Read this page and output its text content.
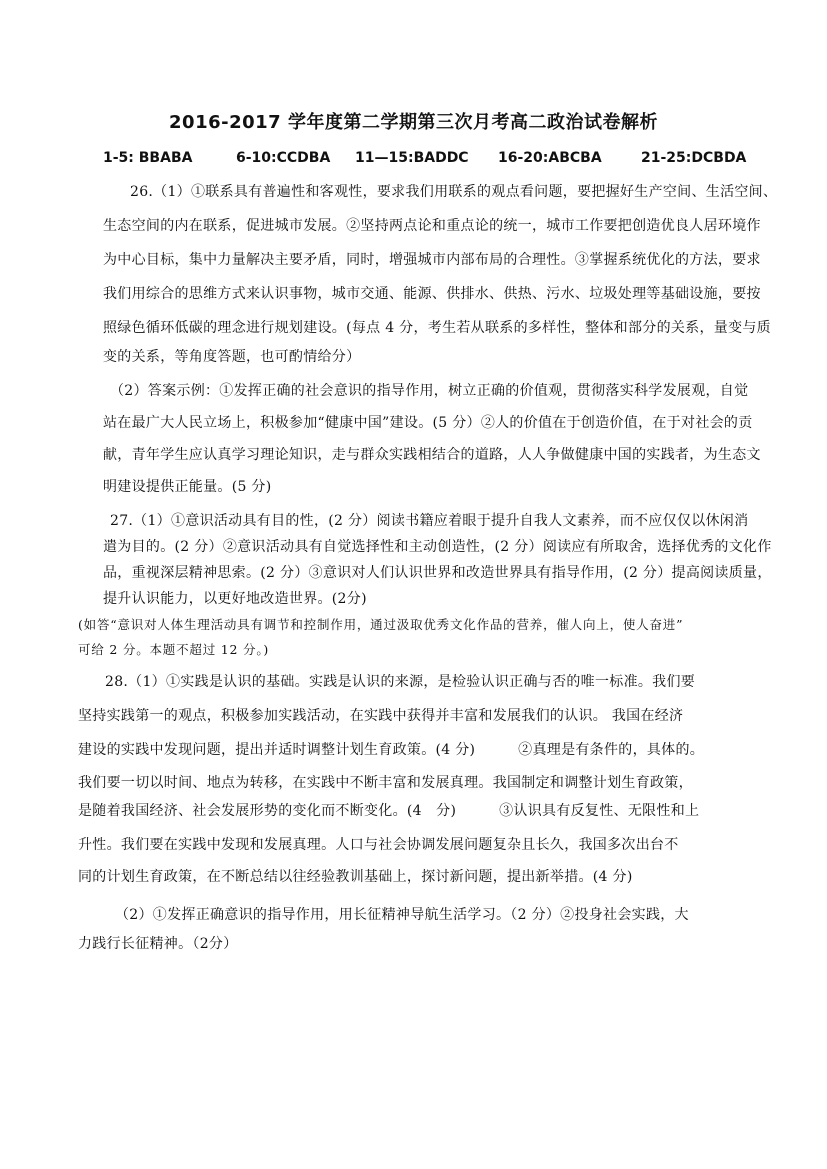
2016-2017 学年度第二学期第三次月考高二政治试卷解析
1-5: BBABA	6-10:CCDBA 11—15:BADDC 16-20:ABCBA	21-25:DCBDA
26.（1）①联系具有普遍性和客观性，要求我们用联系的观点看问题，要把握好生产空间、生活空间、
生态空间的内在联系，促进城市发展。②坚持两点论和重点论的统一，城市工作要把创造优良人居环境作
为中心目标，集中力量解决主要矛盾，同时，增强城市内部布局的合理性。③掌握系统优化的方法，要求
我们用综合的思维方式来认识事物，城市交通、能源、供排水、供热、污水、垃圾处理等基础设施，要按
照绿色循环低碳的理念进行规划建设。(每点 4 分，考生若从联系的多样性，整体和部分的关系，量变与质
变的关系，等角度答题，也可酌情给分）
（2）答案示例：①发挥正确的社会意识的指导作用，树立正确的价值观，贯彻落实科学发展观，自觉
站在最广大人民立场上，积极参加“健康中国”建设。(5 分）②人的价值在于创造价值，在于对社会的贡
献，青年学生应认真学习理论知识，走与群众实践相结合的道路，人人争做健康中国的实践者，为生态文
明建设提供正能量。(5 分)
27.（1）①意识活动具有目的性，(2 分）阅读书籍应着眼于提升自我人文素养，而不应仅仅以休闲消
遣为目的。(2 分）②意识活动具有自觉选择性和主动创造性，(2 分）阅读应有所取舍，选择优秀的文化作
品，重视深层精神思索。(2 分）③意识对人们认识世界和改造世界具有指导作用，(2 分）提高阅读质量，
提升认识能力，以更好地改造世界。(2分)
(如答“意识对人体生理活动具有调节和控制作用，通过汲取优秀文化作品的营养，催人向上，使人奋进”
可给 2 分。本题不超过 12 分。)
28.（1）①实践是认识的基础。实践是认识的来源，是检验认识正确与否的唯一标准。我们要
坚持实践第一的观点，积极参加实践活动，在实践中获得并丰富和发展我们的认识。 我国在经济
建设的实践中发现问题，提出并适时调整计划生育政策。(4 分)　　　②真理是有条件的，具体的。
我们要一切以时间、地点为转移，在实践中不断丰富和发展真理。我国制定和调整计划生育政策，
是随着我国经济、社会发展形势的变化而不断变化。(4　分)　　　③认识具有反复性、无限性和上
升性。我们要在实践中发现和发展真理。人口与社会协调发展问题复杂且长久，我国多次出台不
同的计划生育政策，在不断总结以往经验教训基础上，探讨新问题，提出新举措。(4 分)
（2）①发挥正确意识的指导作用，用长征精神导航生活学习。（2 分）②投身社会实践，大
力践行长征精神。（2分）
